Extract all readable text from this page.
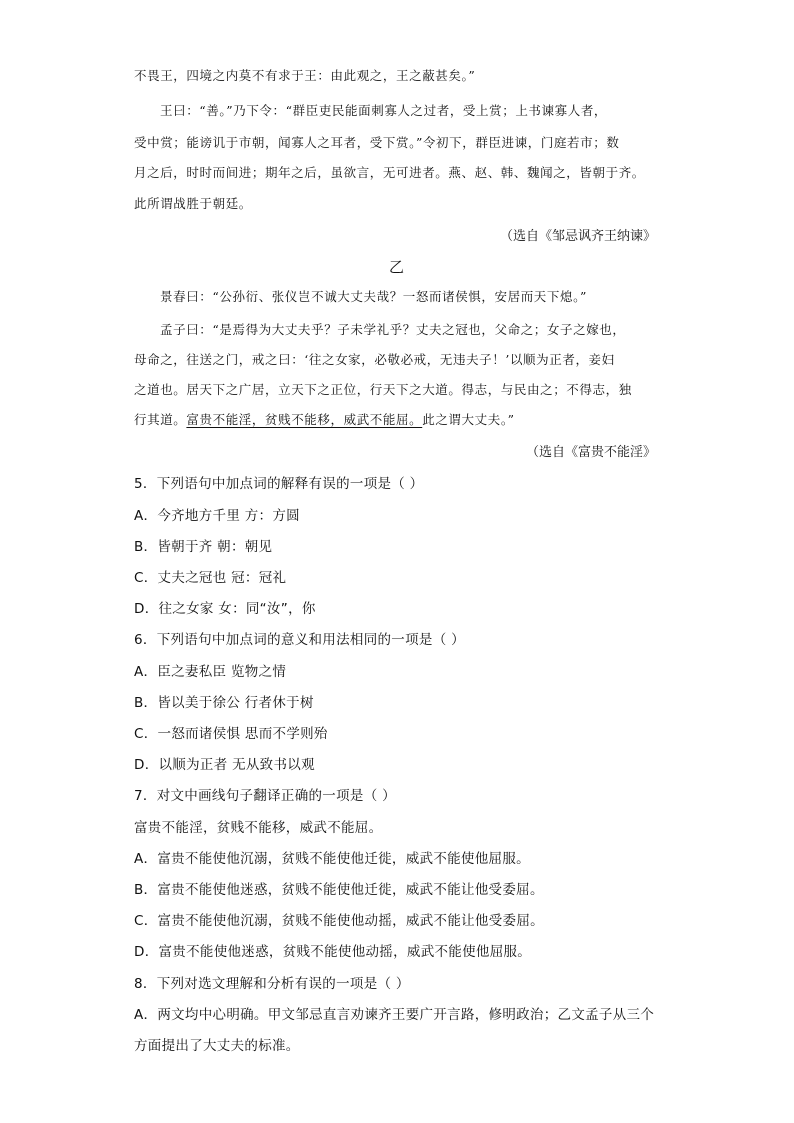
不畏王，四境之内莫不有求于王：由此观之，王之蔽甚矣。”
王曰：“善。”乃下令：“群臣吏民能面刺寡人之过者，受上赏；上书谏寡人者，
受中赏；能谤讥于市朝，闻寡人之耳者，受下赏。”令初下，群臣进谏，门庭若市；数
月之后，时时而间进；期年之后，虽欲言，无可进者。燕、赵、韩、魏闻之，皆朝于齐。
此所谓战胜于朝廷。
（选自《邹忌讽齐王纳谏》
乙
景春曰：“公孙衍、张仪岂不诚大丈夫哉？一怒而诸侯惧，安居而天下熄。”
孟子曰：“是焉得为大丈夫乎？子未学礼乎？丈夫之冠也，父命之；女子之嫁也，
母命之，往送之门，戒之曰：‘往之女家，必敬必戒，无违夫子！’以顺为正者，妾妇
之道也。居天下之广居，立天下之正位，行天下之大道。得志，与民由之；不得志，独
行其道。富贵不能淫，贫贱不能移，威武不能屈。此之谓大丈夫。”
（选自《富贵不能淫》
5．下列语句中加点词的解释有误的一项是（ ）
A．今齐地方千里 方：方圆
B．皆朝于齐 朝：朝见
C．丈夫之冠也 冠：冠礼
D．往之女家 女：同“汝”，你
6．下列语句中加点词的意义和用法相同的一项是（ ）
A．臣之妻私臣 览物之情
B．皆以美于徐公 行者休于树
C．一怒而诸侯惧 思而不学则殆
D．以顺为正者 无从致书以观
7．对文中画线句子翻译正确的一项是（ ）
富贵不能淫，贫贱不能移，威武不能屈。
A．富贵不能使他沉溺，贫贱不能使他迁徙，威武不能使他屈服。
B．富贵不能使他迷惑，贫贱不能使他迁徙，威武不能让他受委屈。
C．富贵不能使他沉溺，贫贱不能使他动摇，威武不能让他受委屈。
D．富贵不能使他迷惑，贫贱不能使他动摇，威武不能使他屈服。
8．下列对选文理解和分析有误的一项是（ ）
A．两文均中心明确。甲文邹忌直言劝谏齐王要广开言路，修明政治；乙文孟子从三个
方面提出了大丈夫的标准。
